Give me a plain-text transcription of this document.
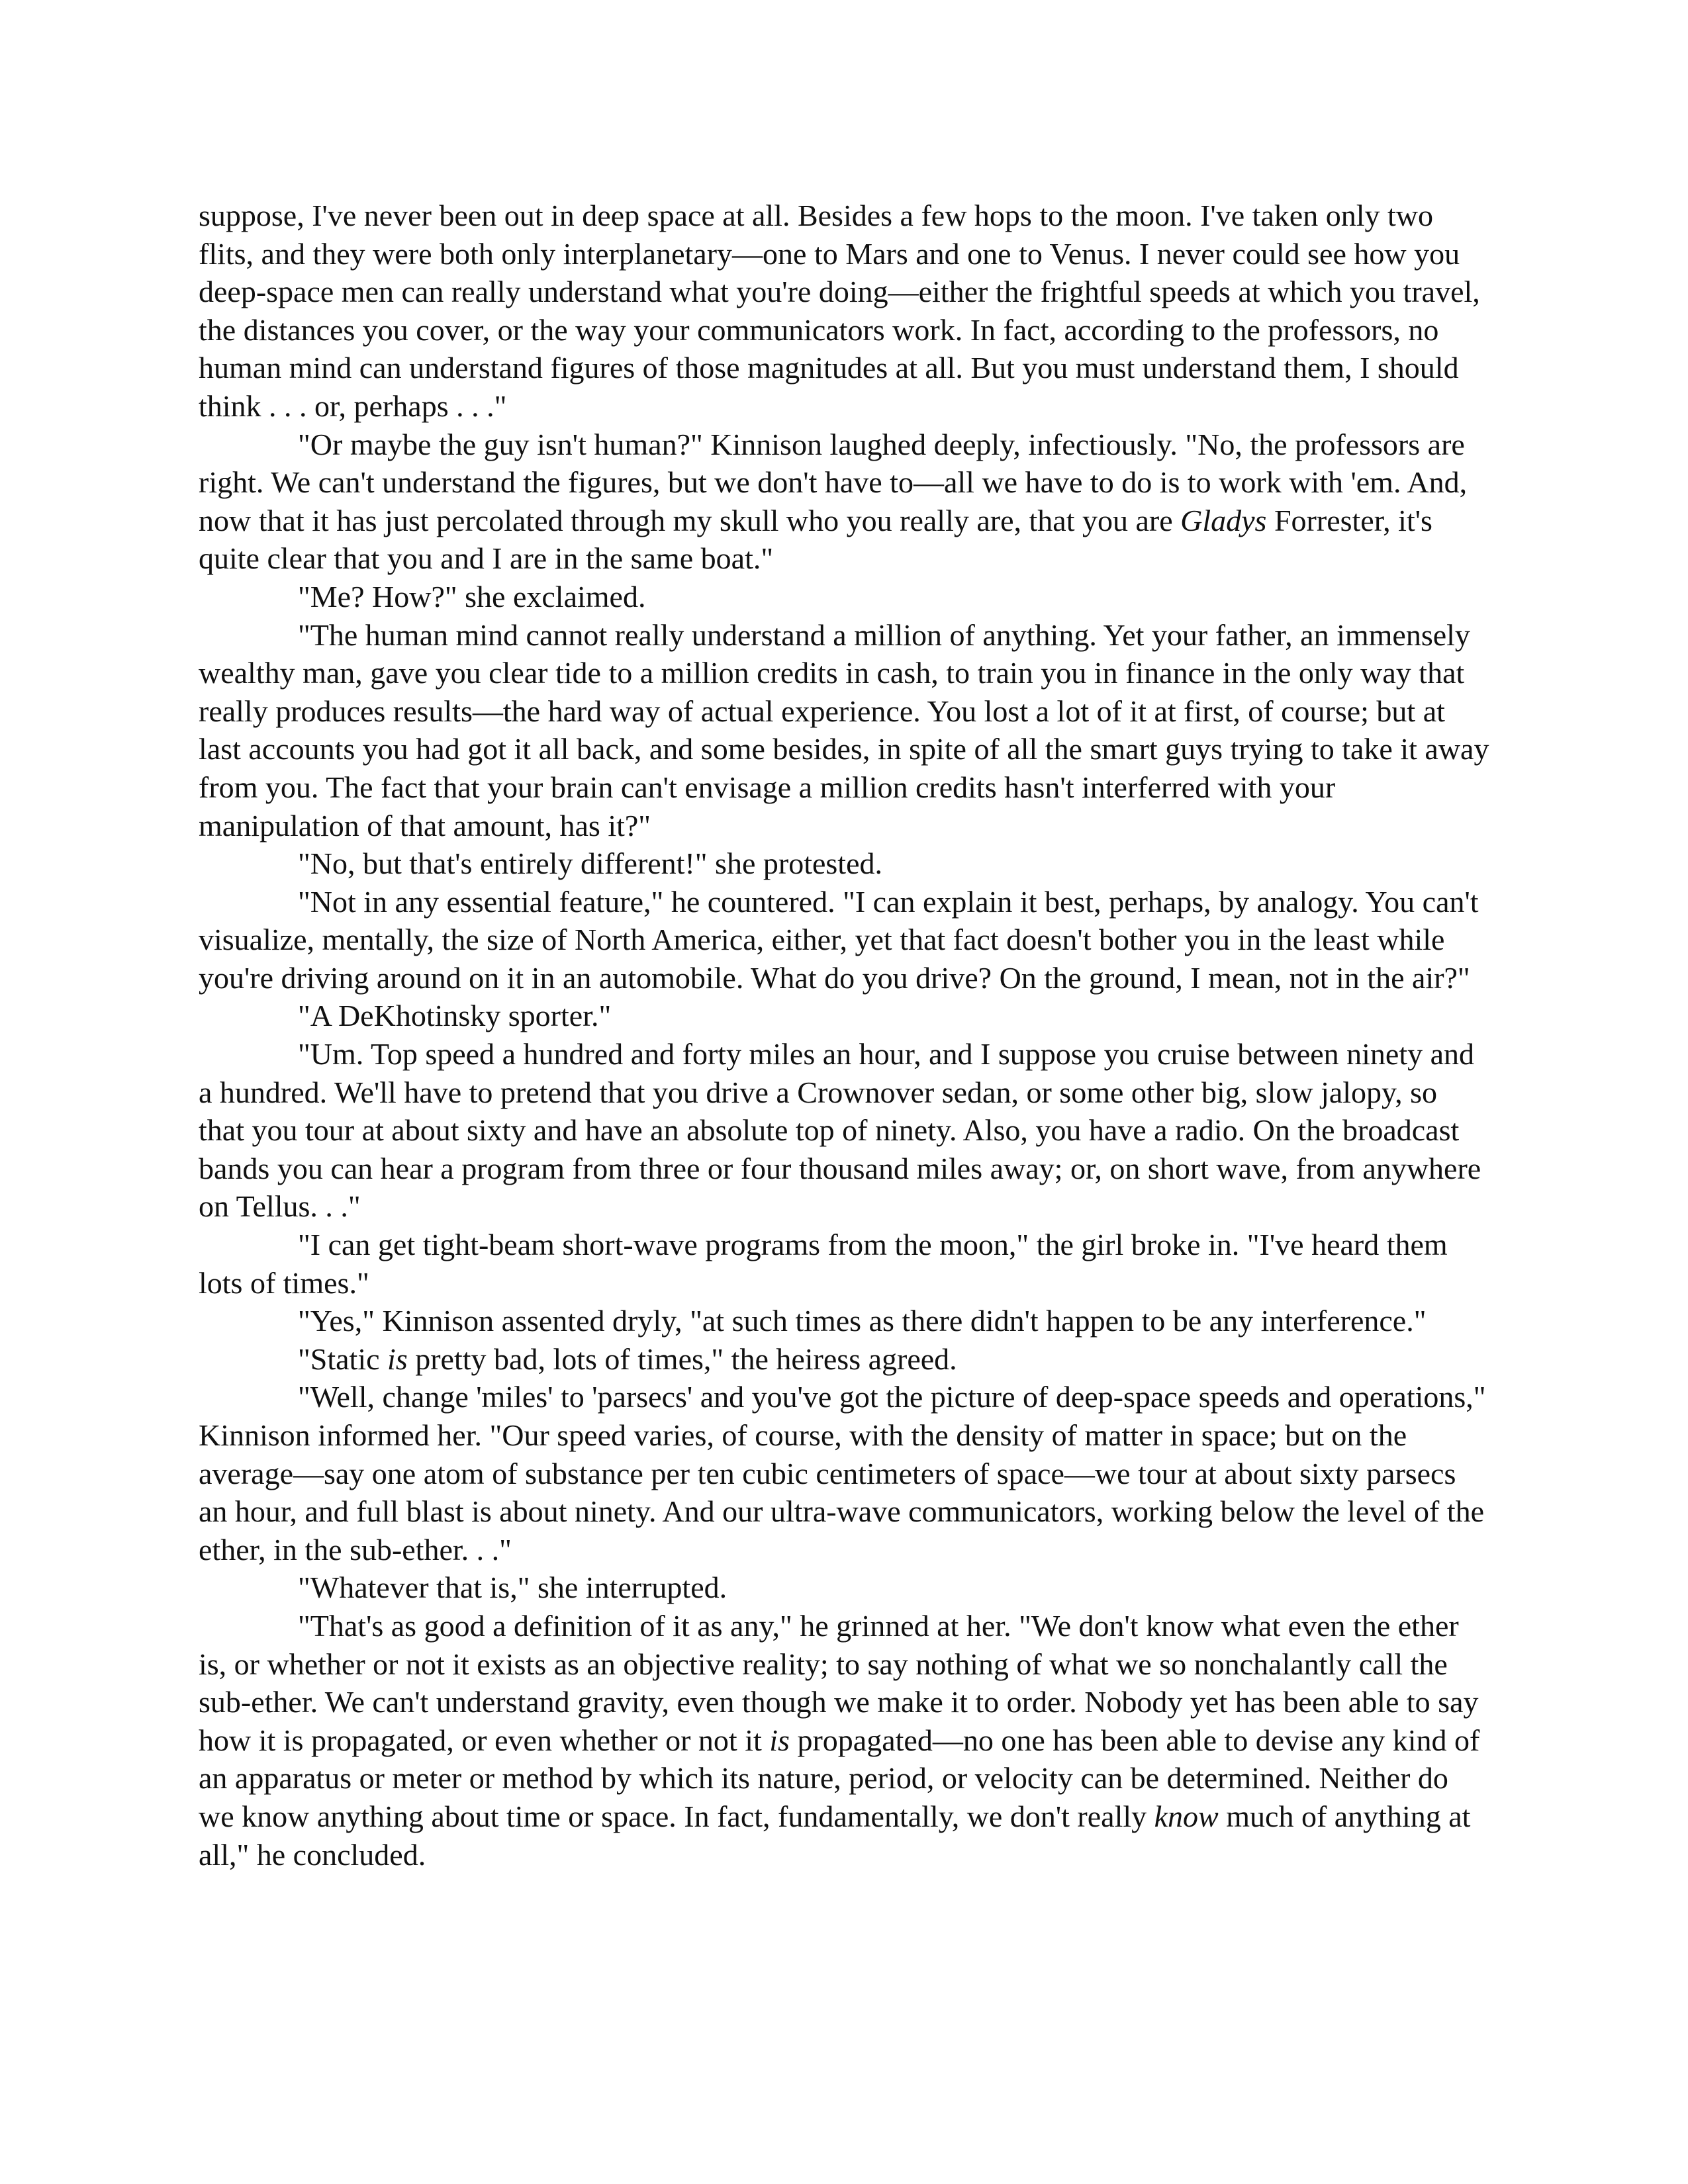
suppose, I've never been out in deep space at all. Besides a few hops to the moon. I've taken only two flits, and they were both only interplanetary—one to Mars and one to Venus. I never could see how you deep-space men can really understand what you're doing—either the frightful speeds at which you travel, the distances you cover, or the way your communicators work. In fact, according to the professors, no human mind can understand figures of those magnitudes at all. But you must understand them, I should think . . . or, perhaps . . ."

"Or maybe the guy isn't human?" Kinnison laughed deeply, infectiously. "No, the professors are right. We can't understand the figures, but we don't have to—all we have to do is to work with 'em. And, now that it has just percolated through my skull who you really are, that you are Gladys Forrester, it's quite clear that you and I are in the same boat."

"Me? How?" she exclaimed.

"The human mind cannot really understand a million of anything. Yet your father, an immensely wealthy man, gave you clear tide to a million credits in cash, to train you in finance in the only way that really produces results—the hard way of actual experience. You lost a lot of it at first, of course; but at last accounts you had got it all back, and some besides, in spite of all the smart guys trying to take it away from you. The fact that your brain can't envisage a million credits hasn't interferred with your manipulation of that amount, has it?"

"No, but that's entirely different!" she protested.

"Not in any essential feature," he countered. "I can explain it best, perhaps, by analogy. You can't visualize, mentally, the size of North America, either, yet that fact doesn't bother you in the least while you're driving around on it in an automobile. What do you drive? On the ground, I mean, not in the air?"

"A DeKhotinsky sporter."

"Um. Top speed a hundred and forty miles an hour, and I suppose you cruise between ninety and a hundred. We'll have to pretend that you drive a Crownover sedan, or some other big, slow jalopy, so that you tour at about sixty and have an absolute top of ninety. Also, you have a radio. On the broadcast bands you can hear a program from three or four thousand miles away; or, on short wave, from anywhere on Tellus. . ."

"I can get tight-beam short-wave programs from the moon," the girl broke in. "I've heard them lots of times."

"Yes," Kinnison assented dryly, "at such times as there didn't happen to be any interference."

"Static is pretty bad, lots of times," the heiress agreed.

"Well, change 'miles' to 'parsecs' and you've got the picture of deep-space speeds and operations," Kinnison informed her. "Our speed varies, of course, with the density of matter in space; but on the average—say one atom of substance per ten cubic centimeters of space—we tour at about sixty parsecs an hour, and full blast is about ninety. And our ultra-wave communicators, working below the level of the ether, in the sub-ether. . ."

"Whatever that is," she interrupted.

"That's as good a definition of it as any," he grinned at her. "We don't know what even the ether is, or whether or not it exists as an objective reality; to say nothing of what we so nonchalantly call the sub-ether. We can't understand gravity, even though we make it to order. Nobody yet has been able to say how it is propagated, or even whether or not it is propagated—no one has been able to devise any kind of an apparatus or meter or method by which its nature, period, or velocity can be determined. Neither do we know anything about time or space. In fact, fundamentally, we don't really know much of anything at all," he concluded.
